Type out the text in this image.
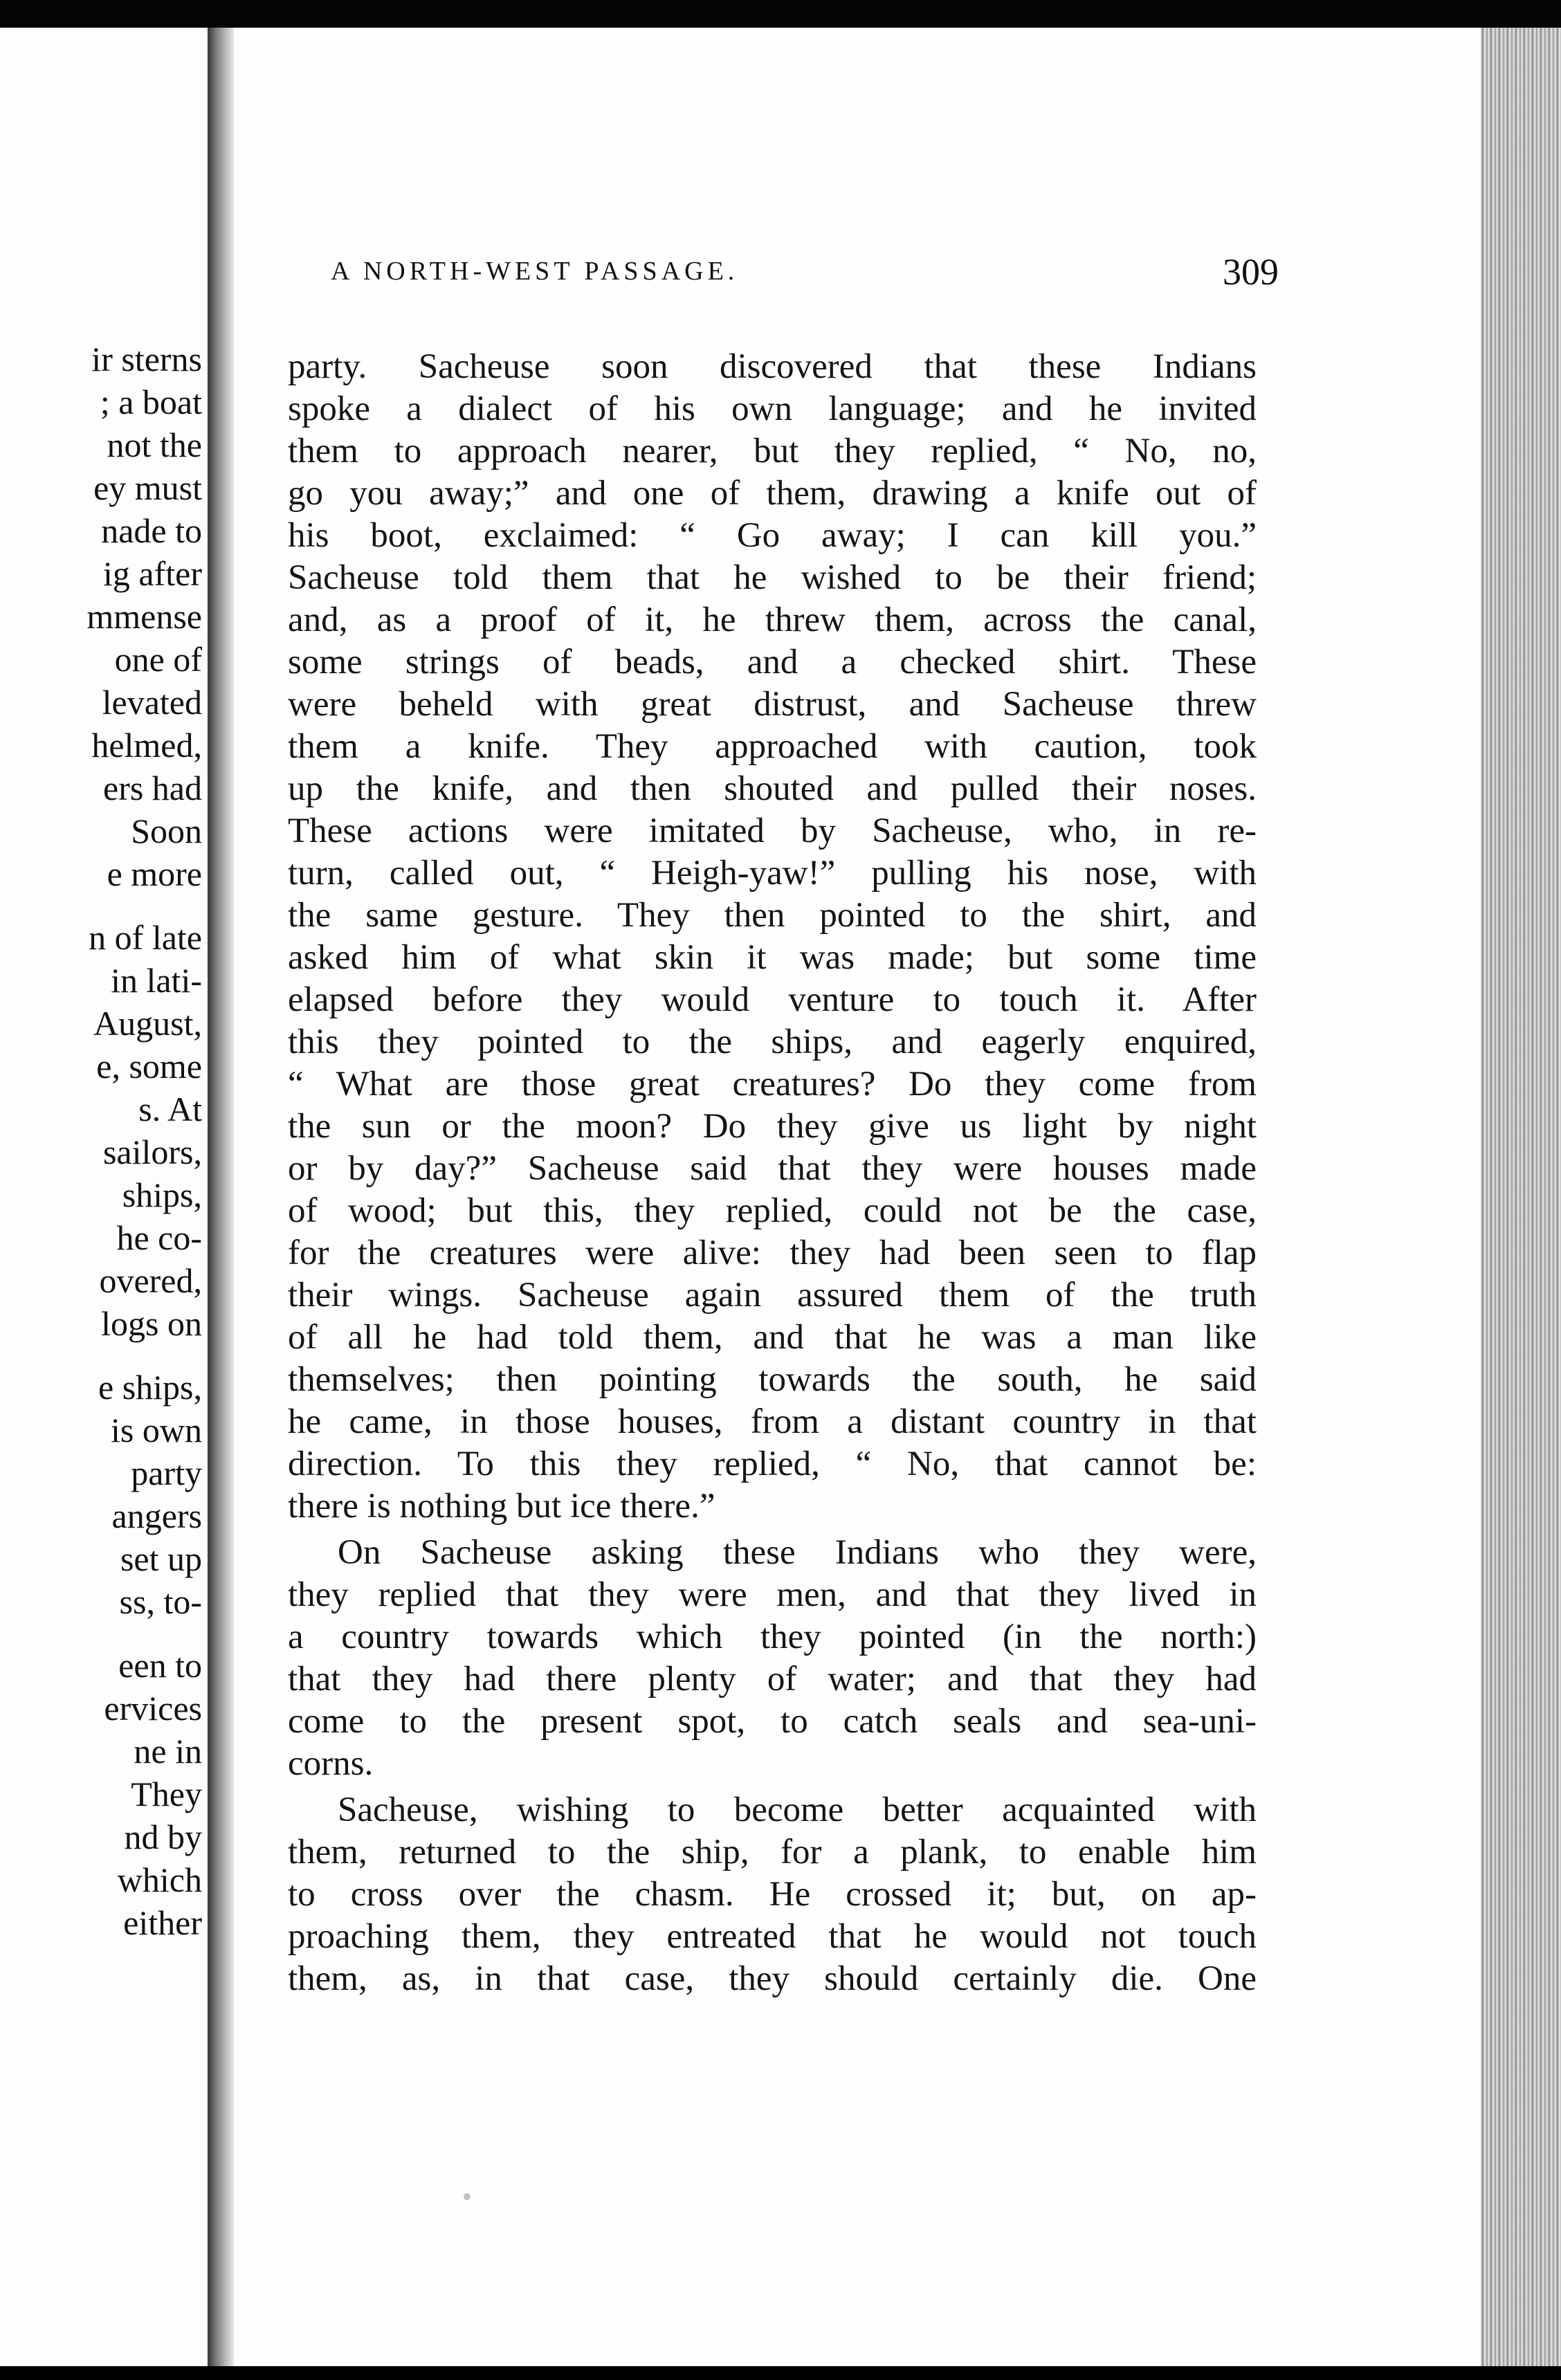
ir sterns
; a boat
not the
ey must
nade to
ig after
mmense
one of
levated
helmed,
ers had
Soon
e more
n of late
in lati-
August,
e, some
s. At
sailors,
ships,
he co-
overed,
logs on
e ships,
is own
party
angers
set up
ss, to-
een to
ervices
ne in
They
nd by
which
either
A NORTH-WEST PASSAGE.	309
party. Sacheuse soon discovered that these Indians
spoke a dialect of his own language; and he invited
them to approach nearer, but they replied, “ No, no,
go you away;” and one of them, drawing a knife out of
his boot, exclaimed: “ Go away; I can kill you.”
Sacheuse told them that he wished to be their friend;
and, as a proof of it, he threw them, across the canal,
some strings of beads, and a checked shirt. These
were beheld with great distrust, and Sacheuse threw
them a knife. They approached with caution, took
up the knife, and then shouted and pulled their noses.
These actions were imitated by Sacheuse, who, in re-
turn, called out, “ Heigh-yaw!” pulling his nose, with
the same gesture. They then pointed to the shirt, and
asked him of what skin it was made; but some time
elapsed before they would venture to touch it. After
this they pointed to the ships, and eagerly enquired,
“ What are those great creatures? Do they come from
the sun or the moon? Do they give us light by night
or by day?” Sacheuse said that they were houses made
of wood; but this, they replied, could not be the case,
for the creatures were alive: they had been seen to flap
their wings. Sacheuse again assured them of the truth
of all he had told them, and that he was a man like
themselves; then pointing towards the south, he said
he came, in those houses, from a distant country in that
direction. To this they replied, “ No, that cannot be:
there is nothing but ice there.”
On Sacheuse asking these Indians who they were,
they replied that they were men, and that they lived in
a country towards which they pointed (in the north:)
that they had there plenty of water; and that they had
come to the present spot, to catch seals and sea-uni-
corns.
Sacheuse, wishing to become better acquainted with
them, returned to the ship, for a plank, to enable him
to cross over the chasm. He crossed it; but, on ap-
proaching them, they entreated that he would not touch
them, as, in that case, they should certainly die. One
